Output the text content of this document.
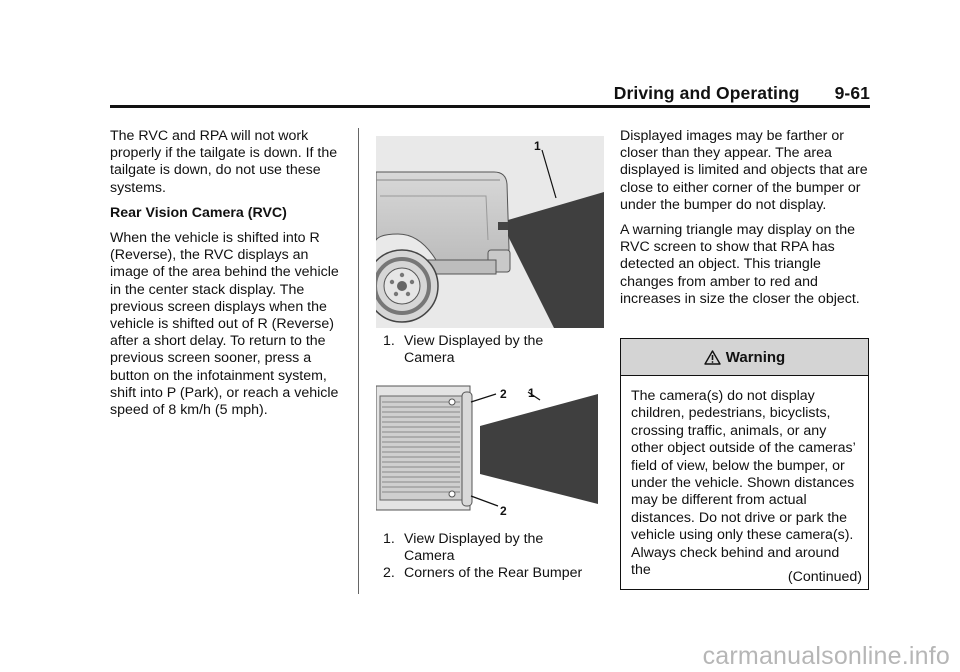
Driving and Operating 9-61

The RVC and RPA will not work properly if the tailgate is down. If the tailgate is down, do not use these systems.

Rear Vision Camera (RVC)

When the vehicle is shifted into R (Reverse), the RVC displays an image of the area behind the vehicle in the center stack display. The previous screen displays when the vehicle is shifted out of R (Reverse) after a short delay. To return to the previous screen sooner, press a button on the infotainment system, shift into P (Park), or reach a vehicle speed of 8 km/h (5 mph).

1
1. View Displayed by the Camera
2 1
2
1. View Displayed by the Camera
2. Corners of the Rear Bumper

Displayed images may be farther or closer than they appear. The area displayed is limited and objects that are close to either corner of the bumper or under the bumper do not display.

A warning triangle may display on the RVC screen to show that RPA has detected an object. This triangle changes from amber to red and increases in size the closer the object.

Warning
The camera(s) do not display children, pedestrians, bicyclists, crossing traffic, animals, or any other object outside of the cameras’ field of view, below the bumper, or under the vehicle. Shown distances may be different from actual distances. Do not drive or park the vehicle using only these camera(s). Always check behind and around the	(Continued)
carmanualsonline.info
